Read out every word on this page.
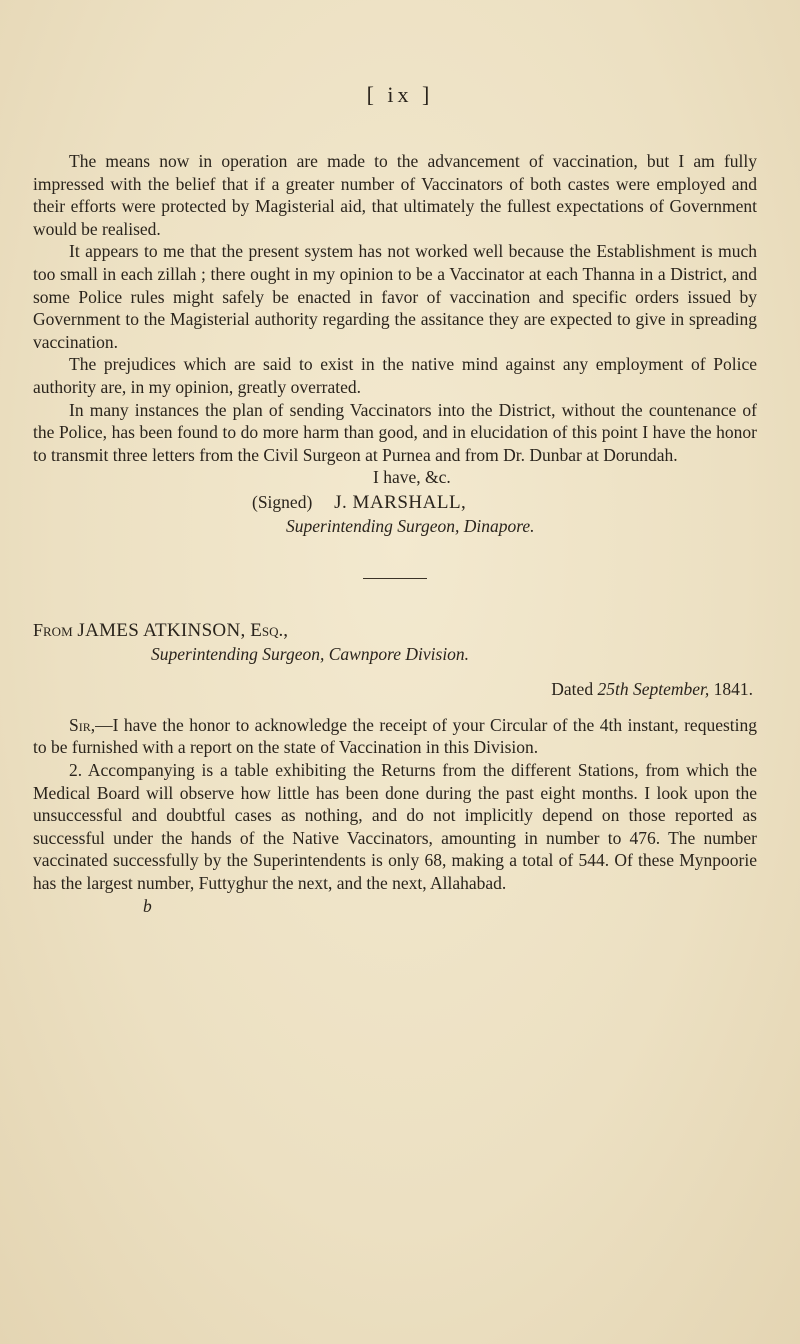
[ ix ]

The means now in operation are made to the advancement of vaccination, but I am fully impressed with the belief that if a greater number of Vaccinators of both castes were employed and their efforts were protected by Magisterial aid, that ultimately the fullest expectations of Government would be realised.

It appears to me that the present system has not worked well because the Establishment is much too small in each zillah ; there ought in my opinion to be a Vaccinator at each Thanna in a District, and some Police rules might safely be enacted in favor of vaccination and specific orders issued by Government to the Magisterial authority regarding the assitance they are expected to give in spreading vaccination.

The prejudices which are said to exist in the native mind against any employment of Police authority are, in my opinion, greatly overrated.

In many instances the plan of sending Vaccinators into the District, without the countenance of the Police, has been found to do more harm than good, and in elucidation of this point I have the honor to transmit three letters from the Civil Surgeon at Purnea and from Dr. Dunbar at Dorundah.

I have, &c.

(Signed) J. MARSHALL,

Superintending Surgeon, Dinapore.

From JAMES ATKINSON, Esq.,

Superintending Surgeon, Cawnpore Division.

Dated 25th September, 1841.

Sir,—I have the honor to acknowledge the receipt of your Circular of the 4th instant, requesting to be furnished with a report on the state of Vaccination in this Division.

2. Accompanying is a table exhibiting the Returns from the different Stations, from which the Medical Board will observe how little has been done during the past eight months. I look upon the unsuccessful and doubtful cases as nothing, and do not implicitly depend on those reported as successful under the hands of the Native Vaccinators, amounting in number to 476. The number vaccinated successfully by the Superintendents is only 68, making a total of 544. Of these Mynpoorie has the largest number, Futtyghur the next, and the next, Allahabad.

b
